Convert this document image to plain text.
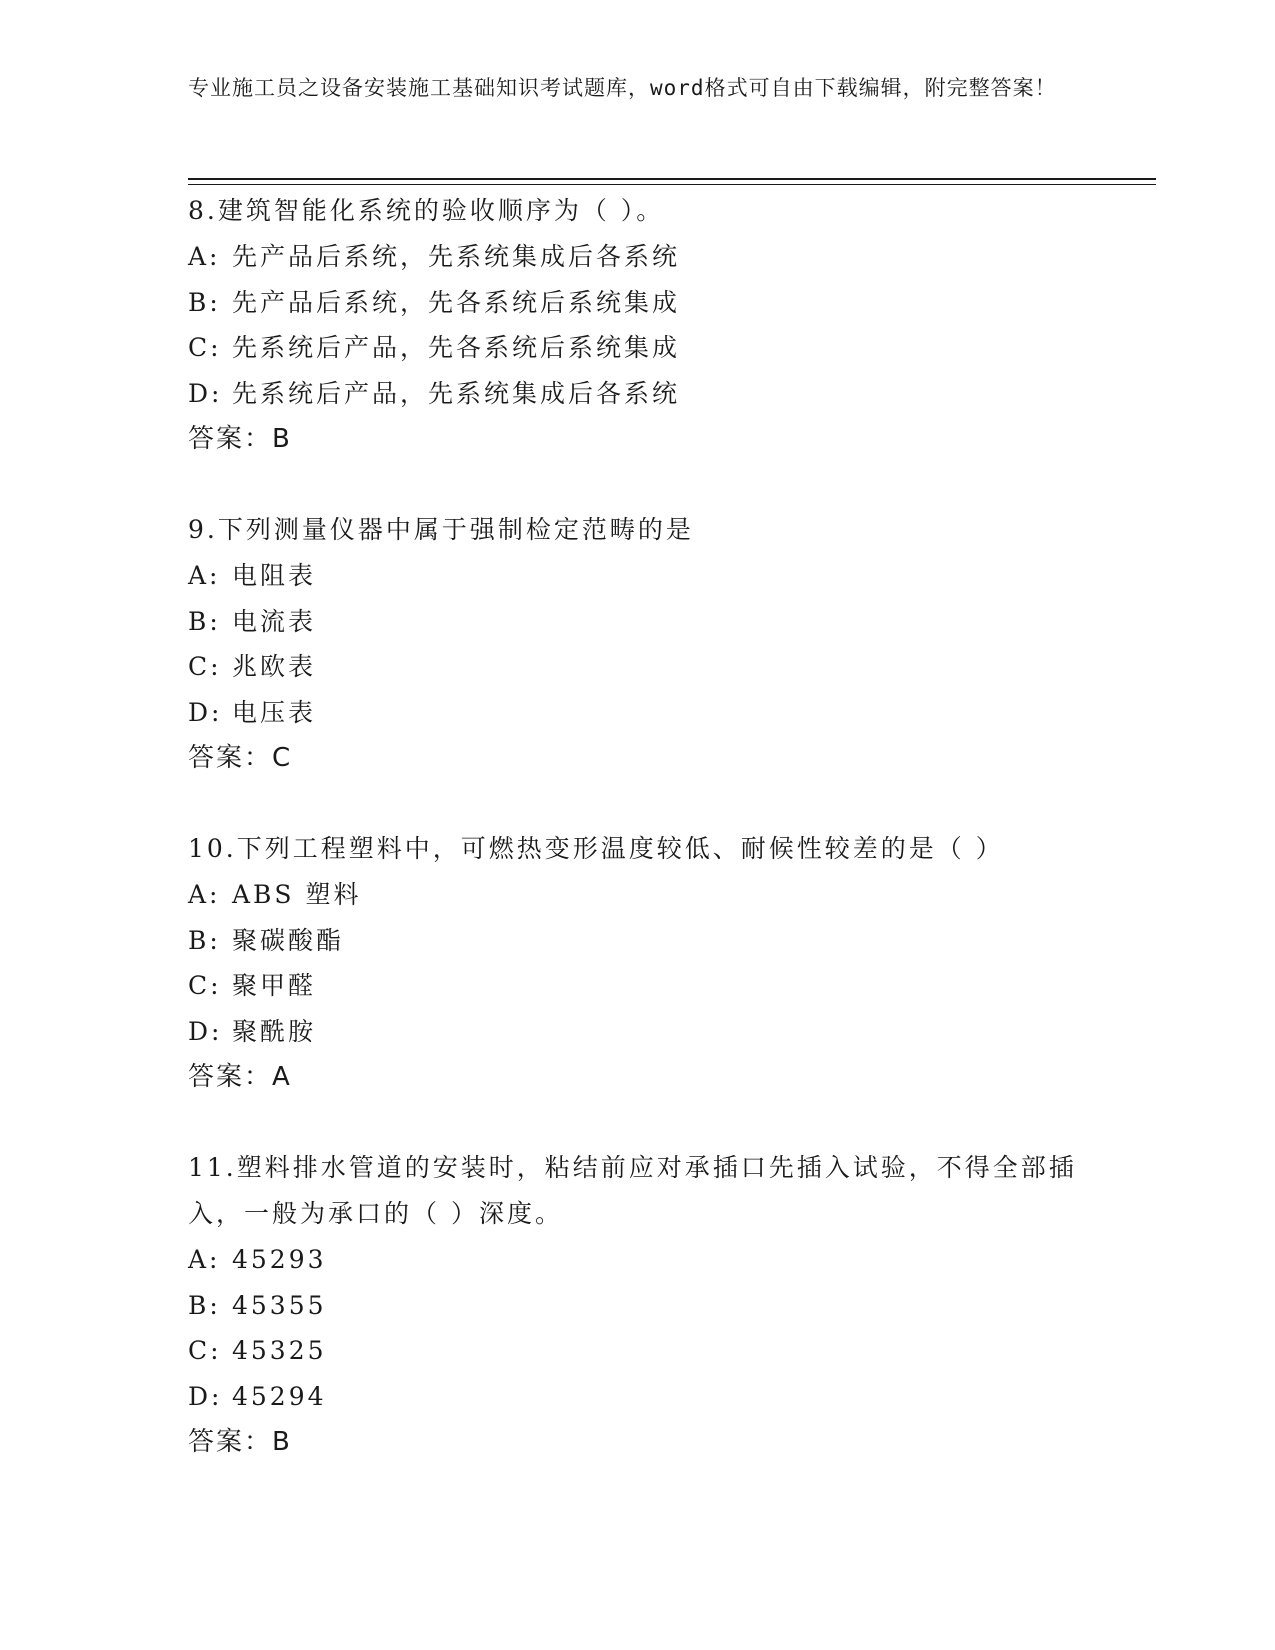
专业施工员之设备安装施工基础知识考试题库，word格式可自由下载编辑，附完整答案！
8.建筑智能化系统的验收顺序为（ ）。
A: 先产品后系统，先系统集成后各系统
B: 先产品后系统，先各系统后系统集成
C: 先系统后产品，先各系统后系统集成
D: 先系统后产品，先系统集成后各系统
答案：B
9.下列测量仪器中属于强制检定范畴的是
A: 电阻表
B: 电流表
C: 兆欧表
D: 电压表
答案：C
10.下列工程塑料中，可燃热变形温度较低、耐候性较差的是（ ）
A: ABS 塑料
B: 聚碳酸酯
C: 聚甲醛
D: 聚酰胺
答案：A
11.塑料排水管道的安装时，粘结前应对承插口先插入试验，不得全部插入，一般为承口的（ ）深度。
A: 45293
B: 45355
C: 45325
D: 45294
答案：B
